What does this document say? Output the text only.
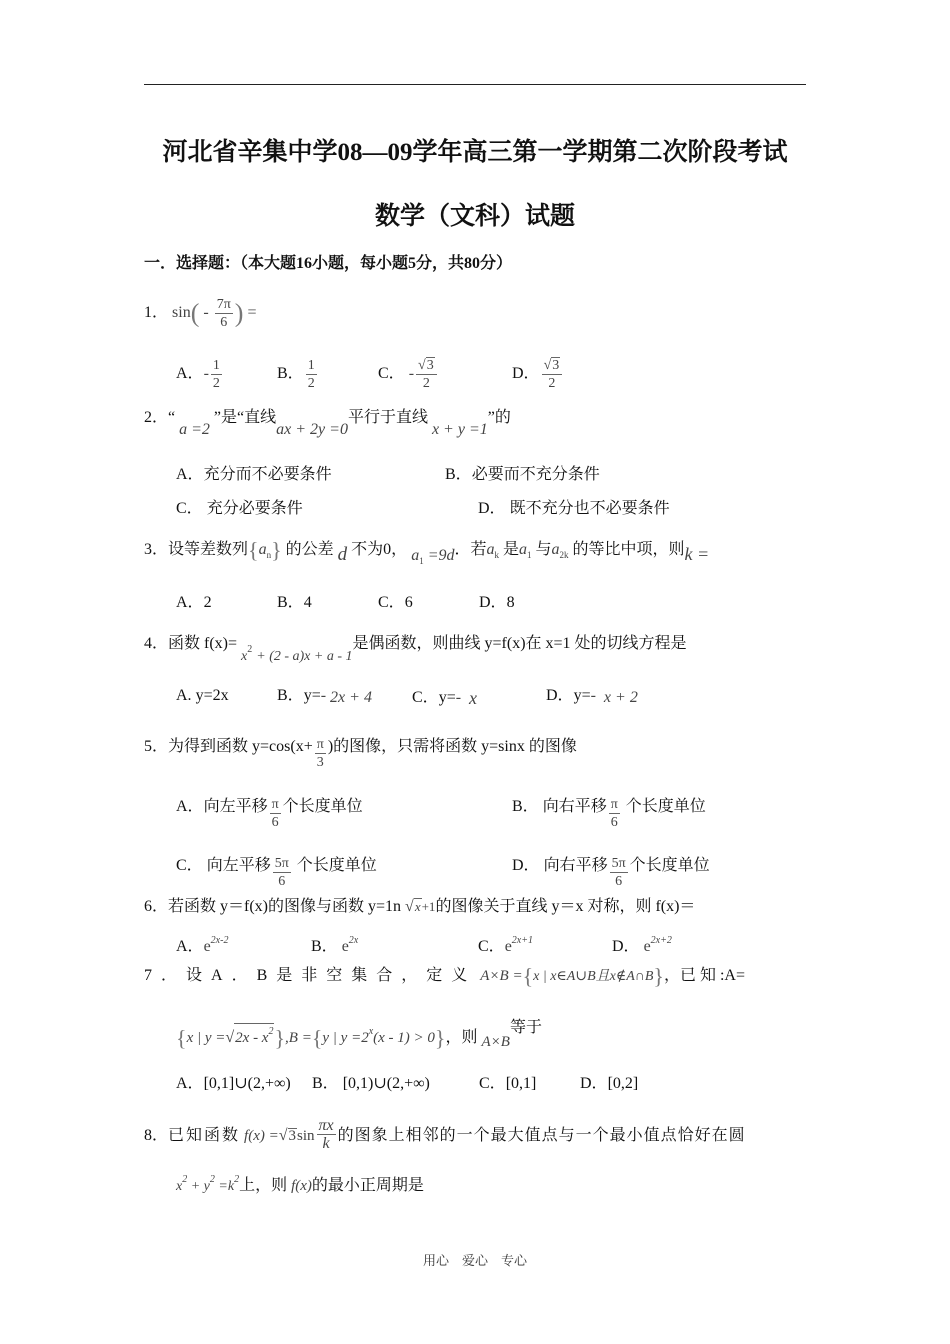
河北省辛集中学08—09学年高三第一学期第二次阶段考试
数学（文科）试题
一．选择题：（本大题16小题，每小题5分，共80分）
1． $\sin( - \frac{7\pi}{6}$ ) =
A．- $\frac{1}{2}$	B． $\frac{1}{2}$	C． - $\frac{√3}{2}$	D． $\frac{√3}{2}$
2．“ a =2 ”是“直线ax + 2y =0平行于直线 x + y =1”的
A．充分而不必要条件	B．必要而不充分条件
C． 充分必要条件	D． 既不充分也不必要条件
3．设等差数列$\{a_n\}$ 的公差 d 不为0， $a_1 =9d$．若$a_k$ 是$a_1$ 与$a_{2k}$ 的等比中项，则k =
A．2	B．4	C．6	D．8
4．函数 $f(x)= x^2 + (2 - a)x + a - 1$是偶函数，则曲线 y=f(x)在 x=1 处的切线方程是
A. y=2x	B．y=- 2x + 4	C．y=- x	D．y=- x + 2
5．为得到函数 $y=\cos(x+ \frac{\pi}{3}$ )的图像，只需将函数 y=sinx 的图像
A．向左平移 $\frac{\pi}{6}$ 个长度单位	B． 向右平移 $\frac{\pi}{6}$ 个长度单位
C． 向左平移 $\frac{5\pi}{6}$ 个长度单位	D． 向右平移 $\frac{5\pi}{6}$ 个长度单位
6．若函数 y＝f(x)的图像与函数 y=1n √x+1的图像关于直线 y＝x 对称，则 f(x)＝
A．$e^{2x-2}$	B． $e^{2x}$	C．$e^{2x+1}$	D． $e^{2x+2}$
7．设A．B是非空集合，定义 A×B ={x | x∈A∪B且x∉A∩B}，已 知 :A=
{x | $y =√2x - x^2\},B =\{y$ | $y =2^x(x - 1) > 0$}，则 A×B等于
A．[0,1]∪(2,+∞) B． [0,1)∪(2,+∞)	C．[0,1]	D．[0,2]
8．已知函数 $f(x) =√3\sin \frac{\pi x}{k}$ 的图象上相邻的一个最大值点与一个最小值点恰好在圆
$x^2 + y^2 =k^2$上，则 f(x)的最小正周期是
用心　爱心　专心
